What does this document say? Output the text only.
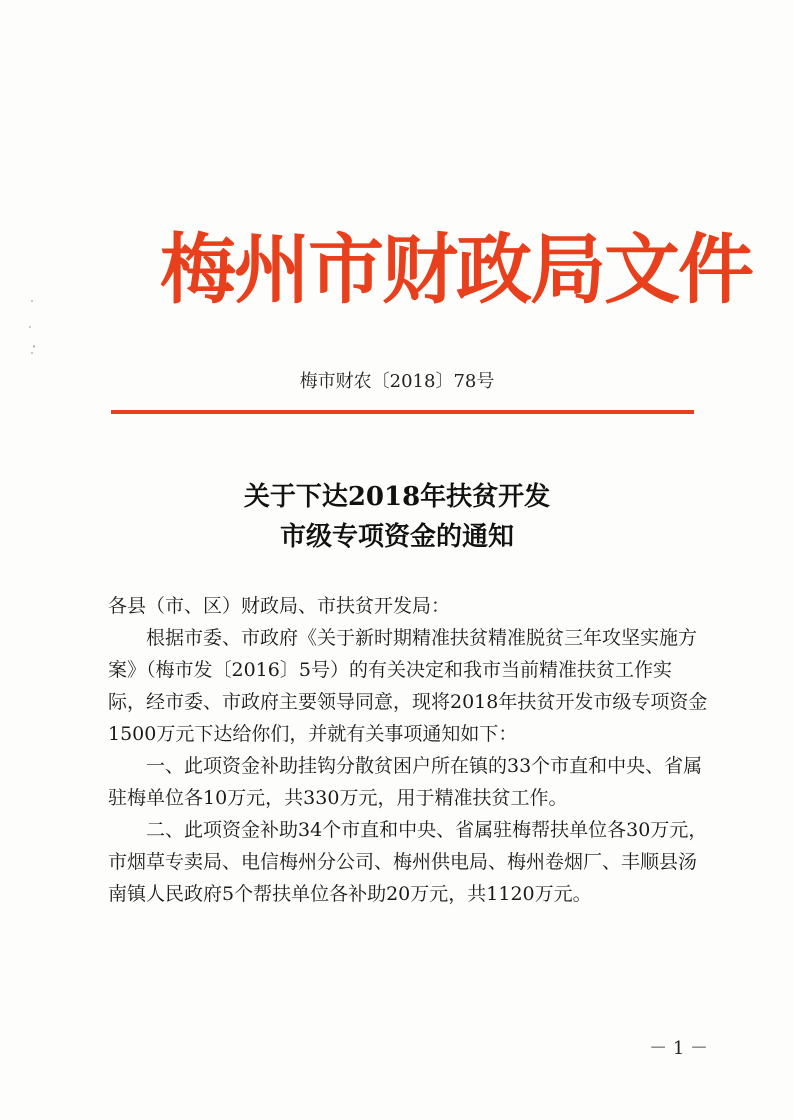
梅州市财政局文件
梅市财农〔2018〕78号
关于下达2018年扶贫开发
市级专项资金的通知

各县（市、区）财政局、市扶贫开发局：

根据市委、市政府《关于新时期精准扶贫精准脱贫三年攻坚实施方案》（梅市发〔2016〕5号）的有关决定和我市当前精准扶贫工作实际，经市委、市政府主要领导同意，现将2018年扶贫开发市级专项资金1500万元下达给你们，并就有关事项通知如下：

一、此项资金补助挂钩分散贫困户所在镇的33个市直和中央、省属驻梅单位各10万元，共330万元，用于精准扶贫工作。

二、此项资金补助34个市直和中央、省属驻梅帮扶单位各30万元，市烟草专卖局、电信梅州分公司、梅州供电局、梅州卷烟厂、丰顺县汤南镇人民政府5个帮扶单位各补助20万元，共1120万元。

－ 1 －
